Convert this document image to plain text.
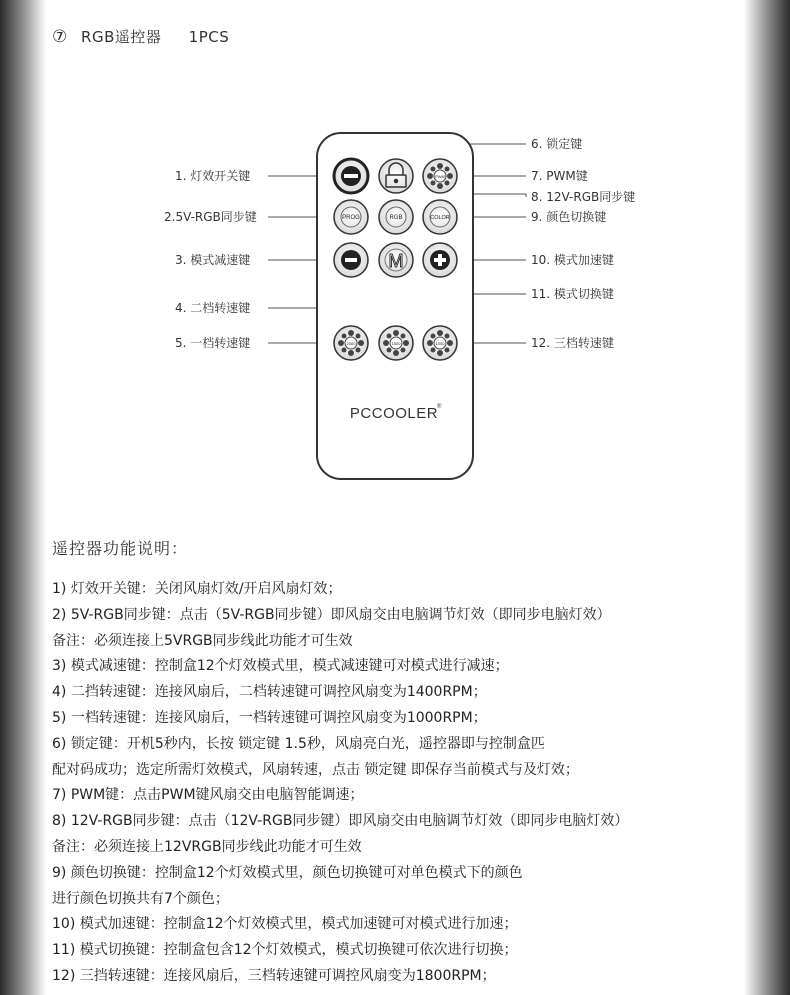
⑦ RGB遥控器 1PCS
PWM
PROG	RGB	COLOR
M
2000	1500	1000
PCCOOLER
®
1. 灯效开关键
2.5V-RGB同步键
3. 模式减速键
4. 二档转速键
5. 一档转速键
6. 锁定键
7. PWM键
8. 12V-RGB同步键
9. 颜色切换键
10. 模式加速键
11. 模式切换键
12. 三档转速键
遥控器功能说明：
1) 灯效开关键：关闭风扇灯效/开启风扇灯效；
2) 5V-RGB同步键：点击（5V-RGB同步键）即风扇交由电脑调节灯效（即同步电脑灯效）
备注：必须连接上5VRGB同步线此功能才可生效
3) 模式减速键：控制盒12个灯效模式里，模式减速键可对模式进行减速；
4) 二挡转速键：连接风扇后，二档转速键可调控风扇变为1400RPM；
5) 一档转速键：连接风扇后，一档转速键可调控风扇变为1000RPM；
6) 锁定键：开机5秒内，长按 锁定键 1.5秒，风扇亮白光，遥控器即与控制盒匹
配对码成功；选定所需灯效模式，风扇转速，点击 锁定键 即保存当前模式与及灯效；
7) PWM键：点击PWM键风扇交由电脑智能调速；
8) 12V-RGB同步键：点击（12V-RGB同步键）即风扇交由电脑调节灯效（即同步电脑灯效）
备注：必须连接上12VRGB同步线此功能才可生效
9) 颜色切换键：控制盒12个灯效模式里，颜色切换键可对单色模式下的颜色
进行颜色切换共有7个颜色；
10) 模式加速键：控制盒12个灯效模式里，模式加速键可对模式进行加速；
11) 模式切换键：控制盒包含12个灯效模式，模式切换键可依次进行切换；
12) 三挡转速键：连接风扇后，三档转速键可调控风扇变为1800RPM；
